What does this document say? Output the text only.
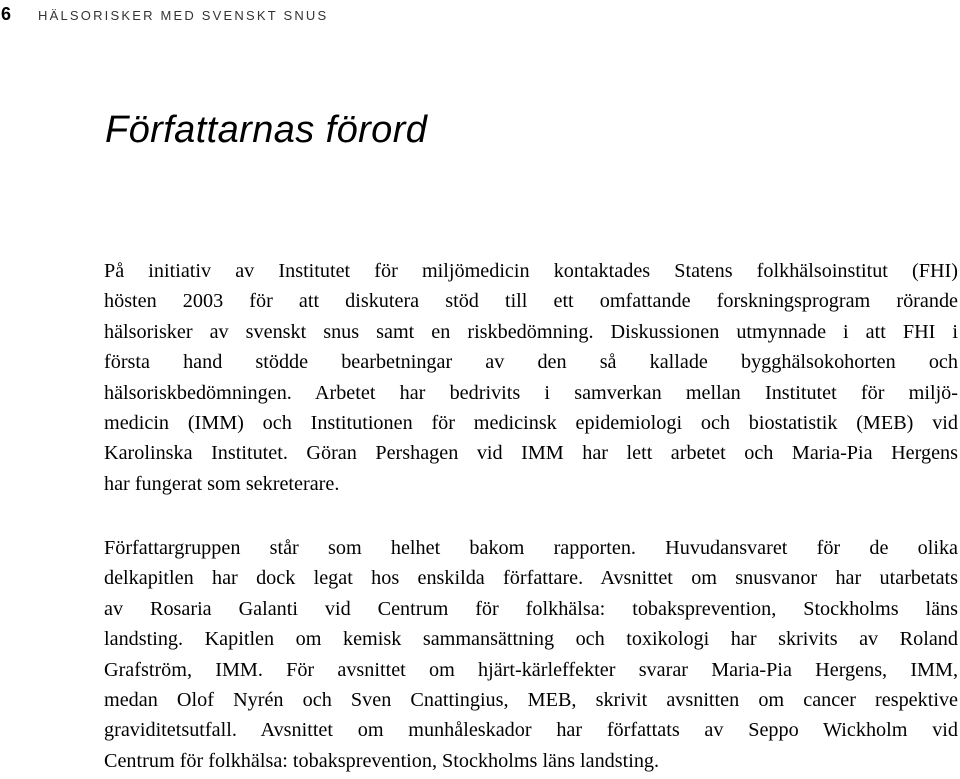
6	HÄLSORISKER MED SVENSKT SNUS
Författarnas förord

På initiativ av Institutet för miljömedicin kontaktades Statens folkhälsoinstitut (FHI)
hösten 2003 för att diskutera stöd till ett omfattande forskningsprogram rörande
hälsorisker av svenskt snus samt en riskbedömning. Diskussionen utmynnade i att FHI i
första hand stödde bearbetningar av den så kallade bygghälsokohorten och
hälsoriskbedömningen. Arbetet har bedrivits i samverkan mellan Institutet för miljö-
medicin (IMM) och Institutionen för medicinsk epidemiologi och biostatistik (MEB) vid
Karolinska Institutet. Göran Pershagen vid IMM har lett arbetet och Maria-Pia Hergens
har fungerat som sekreterare.

Författargruppen står som helhet bakom rapporten. Huvudansvaret för de olika
delkapitlen har dock legat hos enskilda författare. Avsnittet om snusvanor har utarbetats
av Rosaria Galanti vid Centrum för folkhälsa: tobaksprevention, Stockholms läns
landsting. Kapitlen om kemisk sammansättning och toxikologi har skrivits av Roland
Grafström, IMM. För avsnittet om hjärt-kärleffekter svarar Maria-Pia Hergens, IMM,
medan Olof Nyrén och Sven Cnattingius, MEB, skrivit avsnitten om cancer respektive
graviditetsutfall. Avsnittet om munhåleskador har författats av Seppo Wickholm vid
Centrum för folkhälsa: tobaksprevention, Stockholms läns landsting.
